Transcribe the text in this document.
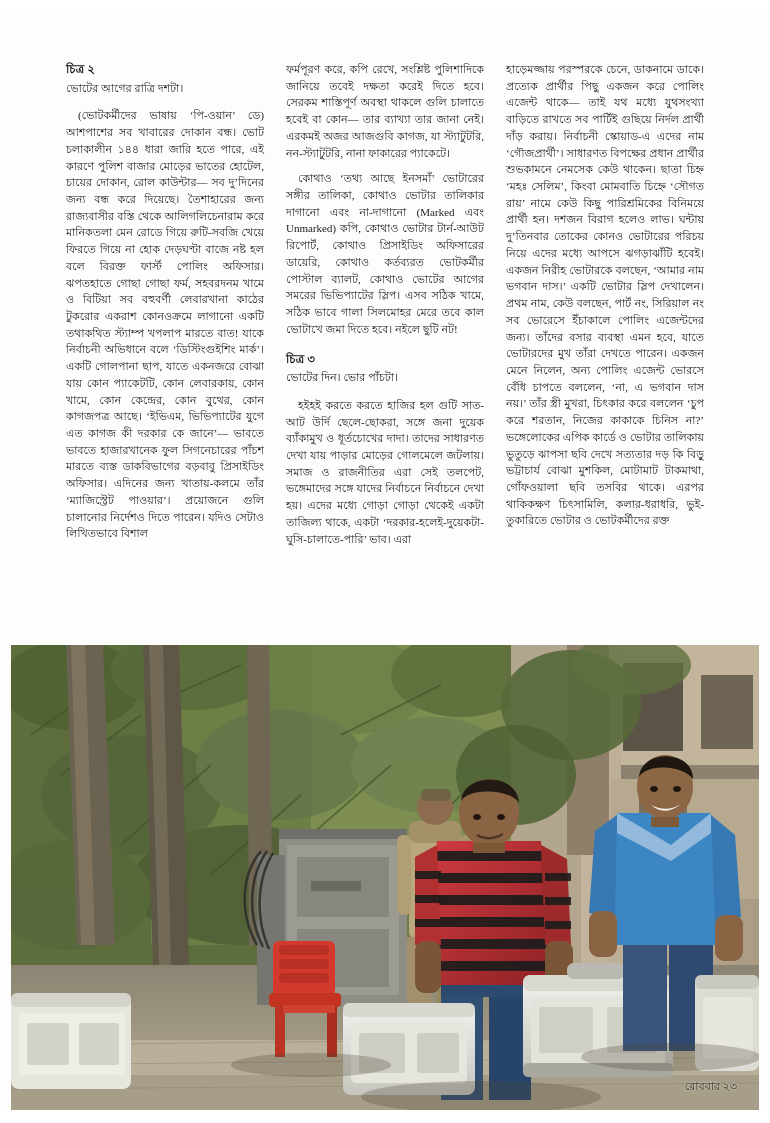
চিত্র ২
ভোটের আগের রাত্রি দশটা।
(ভোটকর্মীদের ভাষায় ‘পি-ওয়ান’ ডে) আশপাশের সব খাবারের দোকান বন্ধ। ভোট চলাকালীন ১৪৪ ধারা জারি হতে পারে, এই কারণে পুলিশ বাজার মোড়ের ভাতের হোটেল, চায়ের দোকান, রোল কাউন্টার— সব দু’দিনের জন্য বন্ধ করে দিয়েছে। তৈশাহারের জন্য রাজ্যবাসীর বস্তি থেকে আলিগলিচেনারাম করে মানিকতলা মেন রোডে গিয়ে রুটি-সবজি খেয়ে ফিরতে গিয়ে না হোক দেড়ঘণ্টা বাজে নষ্ট হল বলে বিরক্ত ফার্স্ট পোলিং অফিসার। ঝপতহাতে গোছা গোছা ফর্ম, সহবরদনম খামে ও বিটিয়া সব বহুবর্ণী লেবারখানা কাঠের টুকরোর একরাশ কোনওক্রমে লাগানো একটি তথাকথিত স্ট্যাম্প খপলাপ মারতে বাত! যাকে নির্বাচনী অভিধানে বলে ‘ডিস্টিংগুইশিং মার্ক’। একটি গোলপানা ছাপ, যাতে একনজরে বোঝা যায় কোন প্যাকেটটি, কোন লেবারকায়, কোন খামে, কোন কেন্দ্রের, কোন বুথের, কোন কাগজপত্র আছে। ‘ইভিএম, ভিভিপ্যাটের যুগে এত কাগজ কী দরকার কে জানে’— ভাবতে ভাবতে হাজারখানেক ফুল সিগনেচারের পাঁচশ মারতে ব্যস্ত ডাকবিভাগের বড়বাবু প্রিসাইডিং অফিসার। এদিনের জন্য খাতায়-কলমে তাঁর ‘ম্যাজিস্ট্রেট পাওয়ার’। প্রয়োজনে গুলি চালানোর নির্দেশও দিতে পারেন। যদিও সেটাও লিখিতভাবে বিশাল
ফর্মপূরণ করে, কপি রেখে, সংশ্লিষ্ট পুলিশাদিকে জানিয়ে তবেই দক্ষতা করেই দিতে হবে। সেরকম শাস্তিপূর্ণ অবস্থা থাকলে গুলি চালাতে হবেই বা কোন— তার ব্যাখ্যা তার জানা নেই। এরকমই অজর আজগুবি কাগজ, যা স্ট্যাটুটরি, নন-স্ট্যাটুটরি, নানা ফাকারের প্যাকেটে।
কোথাও ‘তথ্য আছে ইনসমাঁ’ ভোটারের সঙ্গীর তালিকা, কোথাও ভোটার তালিকার দাগানো এবং না-দাগানো (Marked এবং Unmarked) কপি, কোথাও ভোটার টার্ন-আউট রিপোর্ট, কোথাও প্রিসাইডিং অফিসারের ডায়েরি, কোথাও কর্তব্যরত ভোটকর্মীর পোস্টাল ব্যালট, কোথাও ভোটের আগের সমরের ভিভিপ্যাটের স্লিপ। এসব সঠিক খামে, সঠিক ভাবে গালা সিলমোহর মেরে তবে কাল ভোটাখে জমা দিতে হবে। নইলে ছুটি নট!
চিত্র ৩
ভোটের দিন। ভোর পাঁচটা।
হইহই করতে করতে হাজির হল গুটি সাত-আট উর্দি ছেলে-ছোকরা, সঙ্গে জনা দুয়েক ব্যাঁকামুখ ও ধূর্তচোখের দাদা। তাদের সাধারণত দেখা যায় পাড়ার মোড়ের গোলমেলে জটলায়। সমাজ ও রাজনীতির এরা সেই তলপেট, ভঙ্গেমাদের সঙ্গে যাদের নির্বাচনে নির্বাচনে দেখা হয়। এদের মধ্যে গোড়া গোড়া থেকেই একটা তাজিল্য থাকে, একটা ‘দরকার-হলেই-দুয়েকটা-ঘুসি-চালাতে-পারি’ ভাব। এরা
হাড়েমজ্জায় পরস্পরকে চেনে, ডাকনামে ডাকে। প্রত্যেক প্রার্থীর পিছু একজন করে পোলিং এজেন্ট থাকে— তাই যথ মধ্যে যুথসংখ্যা বাড়িতে রাখতে সব পার্টিই গুছিয়ে নির্দল প্রার্থী দাঁড় করায়। নির্বাচনী স্কোয়াড-এ এদের নাম ‘গৌজপ্রার্থী’। সাধারণত বিপক্ষের প্রধান প্রার্থীর শুভকামনে নেমসেক কেউ থাকেন। ছাতা চিহ্ন ‘মহঃ সেলিম’, কিংবা মোমবাতি চিহ্নে ‘সৌগত রায়’ নামে কেউ কিছু পারিশ্রমিকের বিনিময়ে প্রার্থী হন। দশজন বিরাগ হলেও লাভ। ঘন্টায় দু’তিনবার তোকের কোনও ভোটারের পরিচয় নিয়ে এদের মধ্যে আপসে ঝগড়াঝাঁটি হবেই। একজন নিরীহ ভোটারকে বলছেন, ‘আমার নাম ভগবান দাস।’ একটি ভোটার স্লিপ দেখালেন। প্রথম নাম, কেউ বলছেন, পার্ট নং, সিরিয়াল নং সব ভোরেসে ইঁচাকালে পোলিং এজেন্টদের জন্য। তাঁদের বসার ব্যবস্থা এমন হবে, যাতে ভোটারদের মুখ তাঁরা দেখতে পারেন। একজন মেনে নিলেন, অন্য পোলিং এজেন্ট ভোরসে বেঁধি চাপতে বললেন, ‘না, এ ভগবান দাস নয়।’ তাঁর স্ত্রী মুখরা, চিৎকার করে বললেন ‘চুপ করে শরতান, নিজের কাকাকে চিনিস না?’ ভঙ্গেলোকের এপিক কার্ডে ও ভোটার তালিকায় ভুতুড়ে ঝাপসা ছবি দেখে সত্যতার দড় কি বিড়ু ভট্টাচার্য বোঝা মুশকিল, মোটামাট টাকমাথা, গোঁফওয়ালা ছবি তসবির থাকে। এরপর থাকিকক্ষণ চিৎসামিলি, কলার-ধরাধরি, ভুই-তুকারিতে ভোটার ও ভোটকর্মীদের রক্ত
রোববার ২৩
